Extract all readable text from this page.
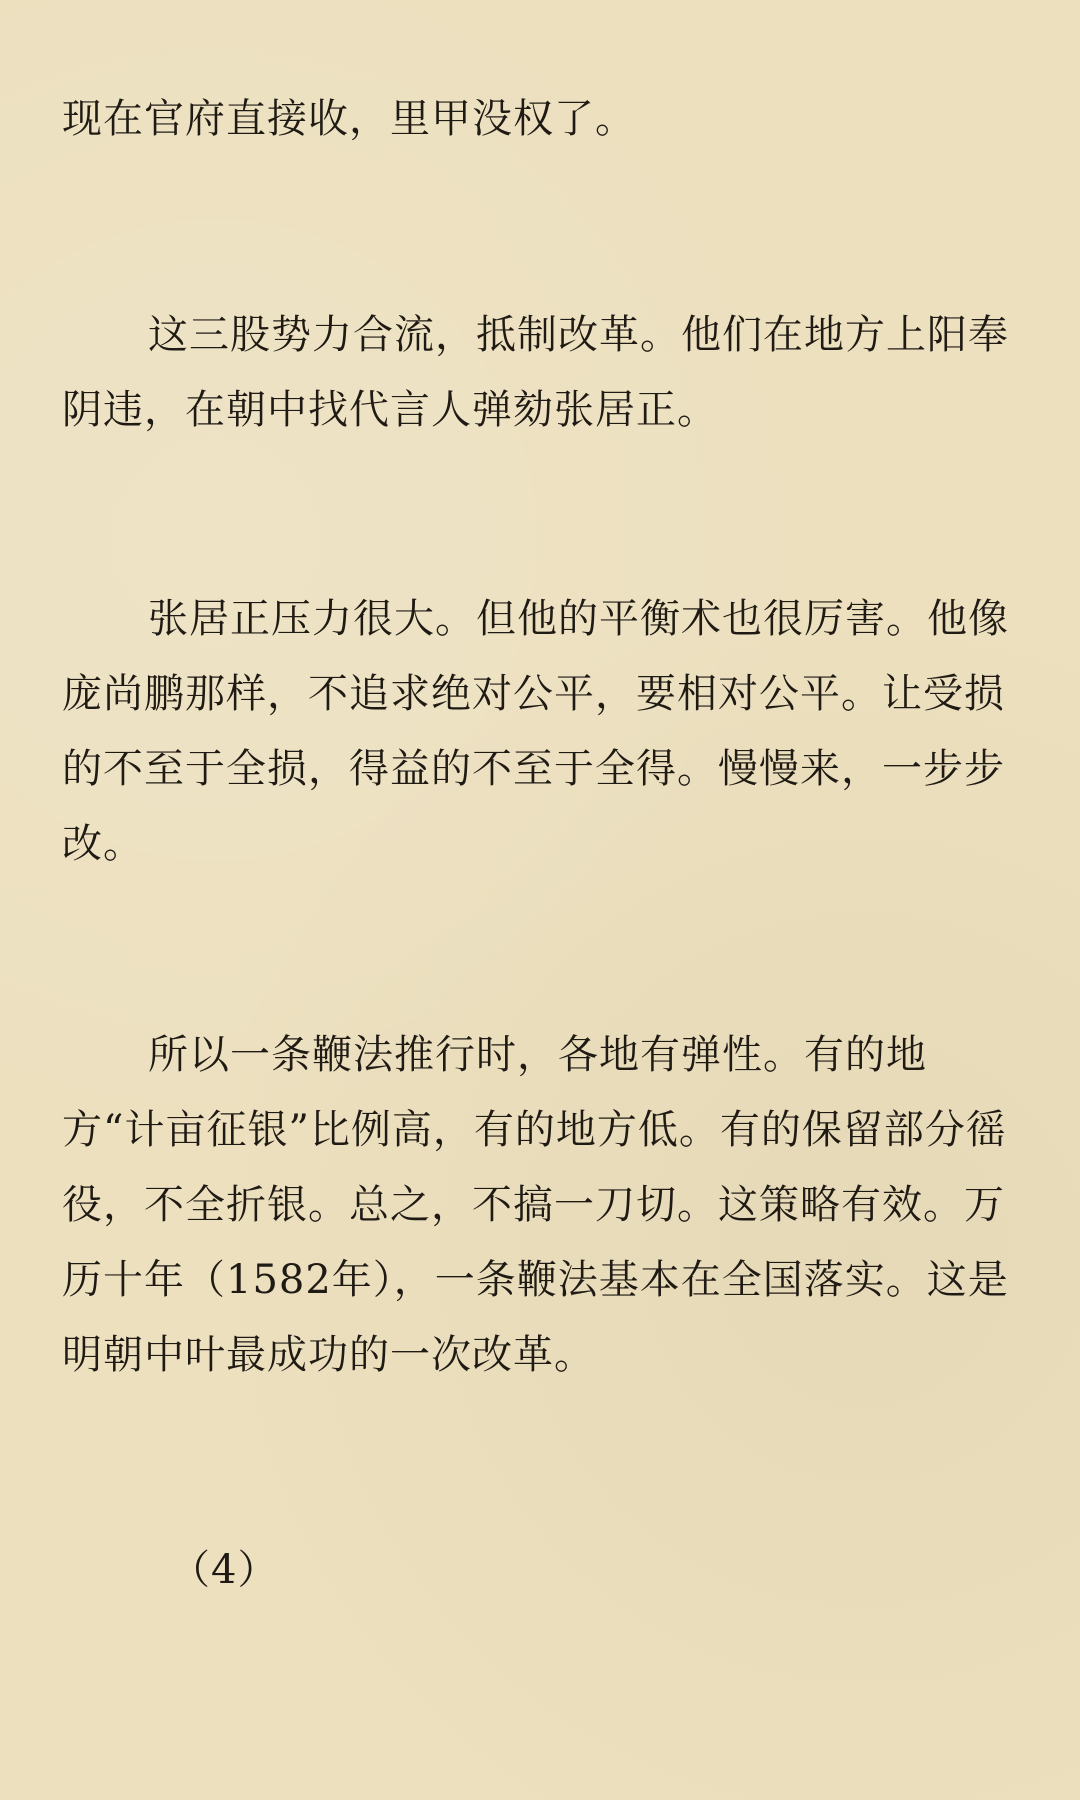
现在官府直接收，里甲没权了。

这三股势力合流，抵制改革。他们在地方上阳奉阴违，在朝中找代言人弹劾张居正。

张居正压力很大。但他的平衡术也很厉害。他像庞尚鹏那样，不追求绝对公平，要相对公平。让受损的不至于全损，得益的不至于全得。慢慢来，一步步改。

所以一条鞭法推行时，各地有弹性。有的地方“计亩征银”比例高，有的地方低。有的保留部分徭役，不全折银。总之，不搞一刀切。这策略有效。万历十年（1582年），一条鞭法基本在全国落实。这是明朝中叶最成功的一次改革。

（4）
